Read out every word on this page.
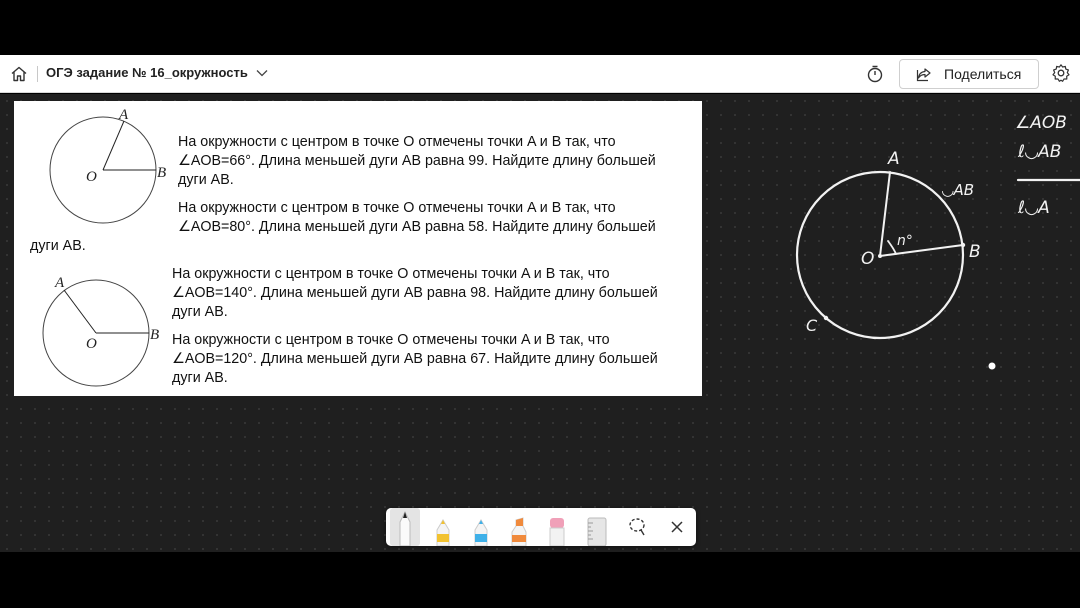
ОГЭ задание № 16_окружность	Поделиться
A
B
O
A
B
O
На окружности с центром в точке O отмечены точки A и B так, что
∠AOB=66°. Длина меньшей дуги AB равна 99. Найдите длину большей
дуги AB.
На окружности с центром в точке O отмечены точки A и B так, что
∠AOB=80°. Длина меньшей дуги AB равна 58. Найдите длину большей
дуги AB.
На окружности с центром в точке O отмечены точки A и B так, что
∠AOB=140°. Длина меньшей дуги AB равна 98. Найдите длину большей
дуги AB.
На окружности с центром в точке O отмечены точки A и B так, что
∠AOB=120°. Длина меньшей дуги AB равна 67. Найдите длину большей
дуги AB.
A
B
O
C
◡AB
n°
∠AOB
ℓ◡AB
ℓ◡A
